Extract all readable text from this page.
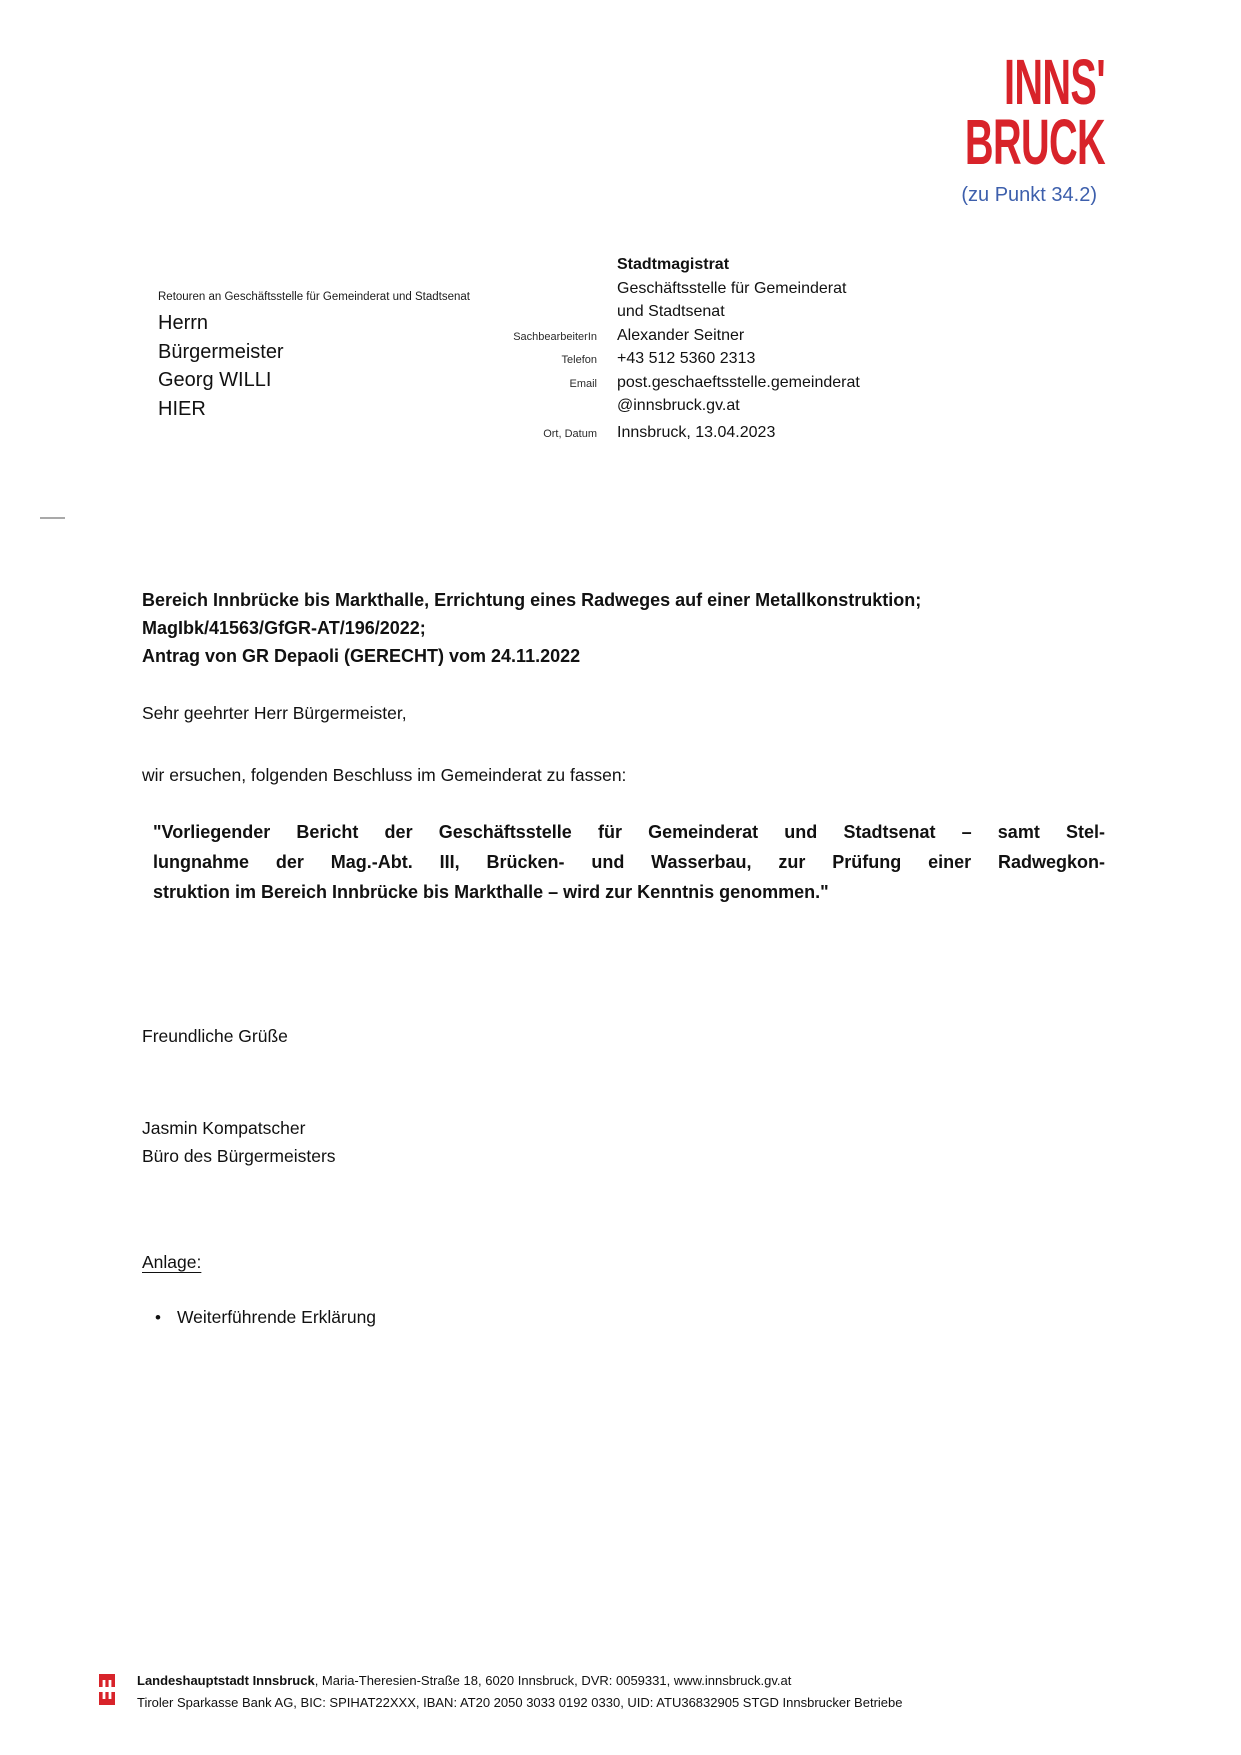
INNS'
BRUCK
(zu Punkt 34.2)
Retouren an Geschäftsstelle für Gemeinderat und Stadtsenat
Herrn
Bürgermeister
Georg WILLI
HIER
Stadtmagistrat
Geschäftsstelle für Gemeinderat
und Stadtsenat
SachbearbeiterIn Alexander Seitner
Telefon +43 512 5360 2313
Email post.geschaeftsstelle.gemeinderat
@innsbruck.gv.at
Ort, Datum Innsbruck, 13.04.2023
Bereich Innbrücke bis Markthalle, Errichtung eines Radweges auf einer Metallkonstruktion;
MagIbk/41563/GfGR-AT/196/2022;
Antrag von GR Depaoli (GERECHT) vom 24.11.2022
Sehr geehrter Herr Bürgermeister,
wir ersuchen, folgenden Beschluss im Gemeinderat zu fassen:
"Vorliegender Bericht der Geschäftsstelle für Gemeinderat und Stadtsenat – samt Stel-
lungnahme der Mag.-Abt. III, Brücken- und Wasserbau, zur Prüfung einer Radwegkon-
struktion im Bereich Innbrücke bis Markthalle – wird zur Kenntnis genommen."
Freundliche Grüße
Jasmin Kompatscher
Büro des Bürgermeisters
Anlage:
• Weiterführende Erklärung
Landeshauptstadt Innsbruck, Maria-Theresien-Straße 18, 6020 Innsbruck, DVR: 0059331, www.innsbruck.gv.at
Tiroler Sparkasse Bank AG, BIC: SPIHAT22XXX, IBAN: AT20 2050 3033 0192 0330, UID: ATU36832905 STGD Innsbrucker Betriebe
